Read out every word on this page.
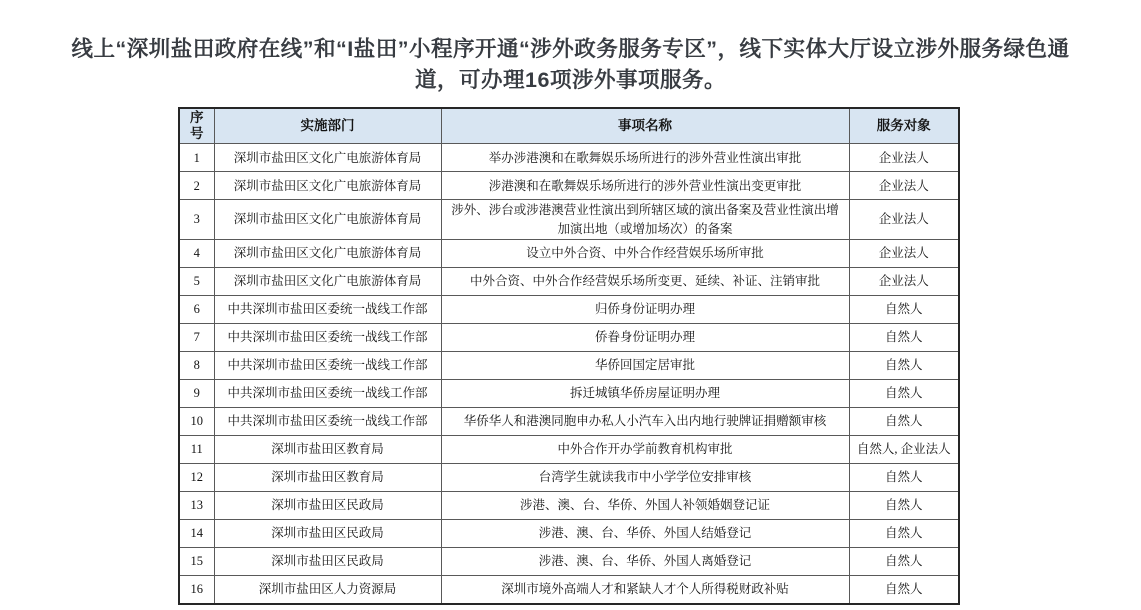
线上“深圳盐田政府在线”和“I盐田”小程序开通“涉外政务服务专区”，线下实体大厅设立涉外服务绿色通道，可办理16项涉外事项服务。
序号	实施部门	事项名称	服务对象
1	深圳市盐田区文化广电旅游体育局	举办涉港澳和在歌舞娱乐场所进行的涉外营业性演出审批	企业法人
2	深圳市盐田区文化广电旅游体育局	涉港澳和在歌舞娱乐场所进行的涉外营业性演出变更审批	企业法人
3	深圳市盐田区文化广电旅游体育局	涉外、涉台或涉港澳营业性演出到所辖区域的演出备案及营业性演出增加演出地（或增加场次）的备案	企业法人
4	深圳市盐田区文化广电旅游体育局	设立中外合资、中外合作经营娱乐场所审批	企业法人
5	深圳市盐田区文化广电旅游体育局	中外合资、中外合作经营娱乐场所变更、延续、补证、注销审批	企业法人
6	中共深圳市盐田区委统一战线工作部	归侨身份证明办理	自然人
7	中共深圳市盐田区委统一战线工作部	侨眷身份证明办理	自然人
8	中共深圳市盐田区委统一战线工作部	华侨回国定居审批	自然人
9	中共深圳市盐田区委统一战线工作部	拆迁城镇华侨房屋证明办理	自然人
10	中共深圳市盐田区委统一战线工作部	华侨华人和港澳同胞申办私人小汽车入出内地行驶牌证捐赠额审核	自然人
11	深圳市盐田区教育局	中外合作开办学前教育机构审批	自然人, 企业法人
12	深圳市盐田区教育局	台湾学生就读我市中小学学位安排审核	自然人
13	深圳市盐田区民政局	涉港、澳、台、华侨、外国人补领婚姻登记证	自然人
14	深圳市盐田区民政局	涉港、澳、台、华侨、外国人结婚登记	自然人
15	深圳市盐田区民政局	涉港、澳、台、华侨、外国人离婚登记	自然人
16	深圳市盐田区人力资源局	深圳市境外高端人才和紧缺人才个人所得税财政补贴	自然人
